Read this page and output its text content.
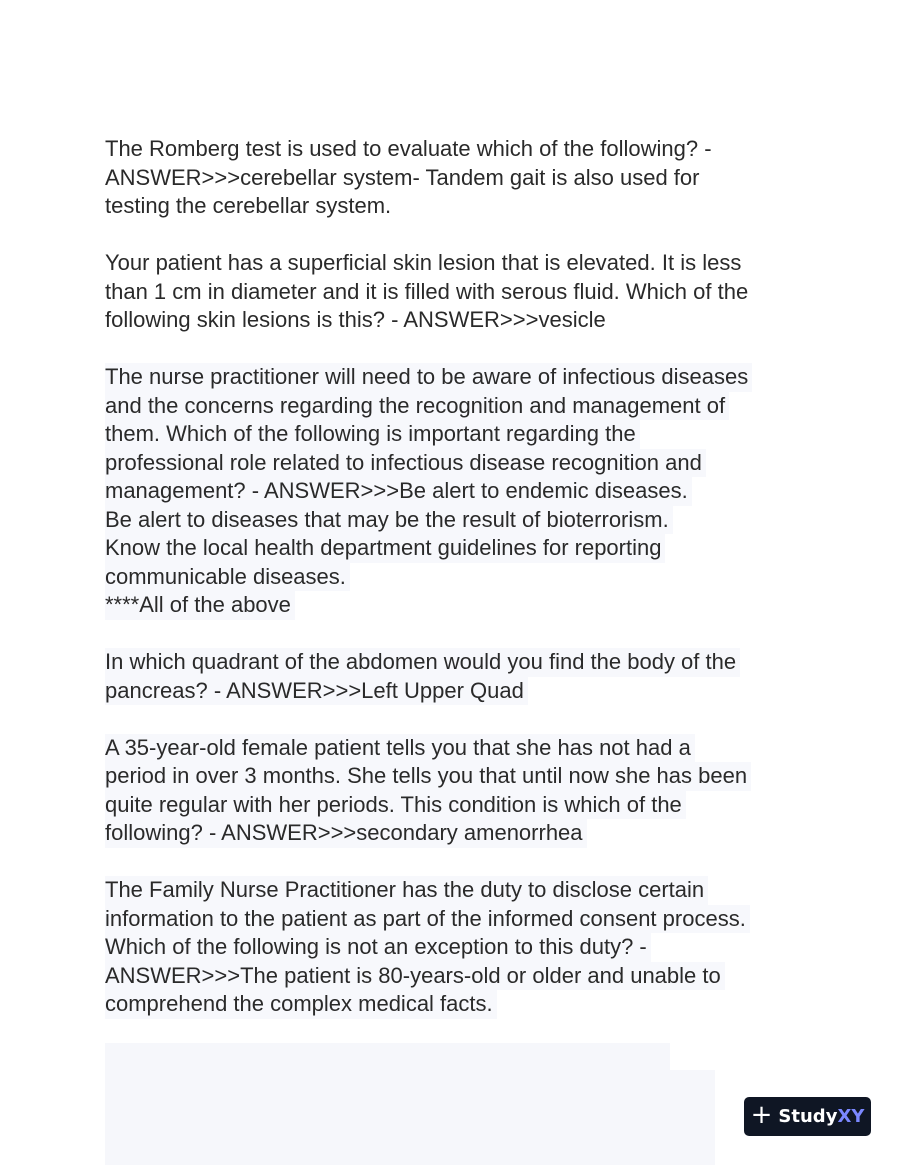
The Romberg test is used to evaluate which of the following? -
ANSWER>>>cerebellar system- Tandem gait is also used for
testing the cerebellar system.
Your patient has a superficial skin lesion that is elevated. It is less
than 1 cm in diameter and it is filled with serous fluid. Which of the
following skin lesions is this? - ANSWER>>>vesicle
The nurse practitioner will need to be aware of infectious diseases
and the concerns regarding the recognition and management of
them. Which of the following is important regarding the
professional role related to infectious disease recognition and
management? - ANSWER>>>Be alert to endemic diseases.
Be alert to diseases that may be the result of bioterrorism.
Know the local health department guidelines for reporting
communicable diseases.
****All of the above

In which quadrant of the abdomen would you find the body of the
pancreas? - ANSWER>>>Left Upper Quad

A 35-year-old female patient tells you that she has not had a
period in over 3 months. She tells you that until now she has been
quite regular with her periods. This condition is which of the
following? - ANSWER>>>secondary amenorrhea

The Family Nurse Practitioner has the duty to disclose certain
information to the patient as part of the informed consent process.
Which of the following is not an exception to this duty? -
ANSWER>>>The patient is 80-years-old or older and unable to
comprehend the complex medical facts.

+ StudyXY
